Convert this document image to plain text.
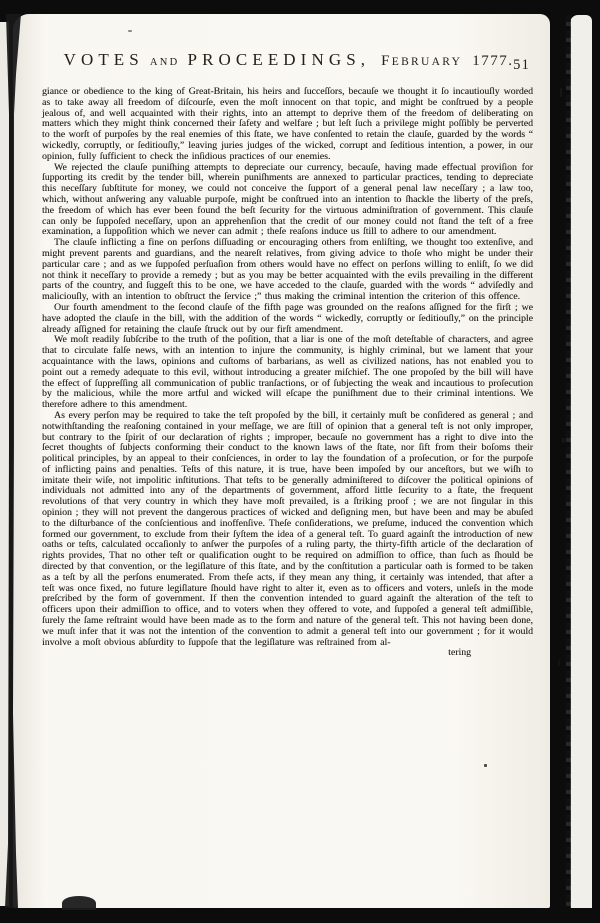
VOTES AND PROCEEDINGS, FEBRUARY 1777. 51

giance or obedience to the king of Great-Britain, his heirs and ſucceſſors, becauſe we thought it ſo incautiouſly worded as to take away all freedom of diſcourſe, even the moſt innocent on that topic, and might be conſtrued by a people jealous of, and well acquainted with their rights, into an attempt to deprive them of the freedom of deliberating on matters which they might think concerned their ſafety and welfare ; but leſt ſuch a privilege might poſſibly be perverted to the worſt of purpoſes by the real enemies of this ſtate, we have conſented to retain the clauſe, guarded by the words “ wickedly, corruptly, or ſeditiouſly,” leaving juries judges of the wicked, corrupt and ſeditious intention, a power, in our opinion, fully ſufficient to check the inſidious practices of our enemies.

We rejected the clauſe puniſhing attempts to depreciate our currency, becauſe, having made effectual proviſion for ſupporting its credit by the tender bill, wherein puniſhments are annexed to particular practices, tending to depreciate this neceſſary ſubſtitute for money, we could not conceive the ſupport of a general penal law neceſſary ; a law too, which, without anſwering any valuable purpoſe, might be conſtrued into an intention to ſhackle the liberty of the preſs, the freedom of which has ever been found the beſt ſecurity for the virtuous adminiſtration of government. This clauſe can only be ſuppoſed neceſſary, upon an apprehenſion that the credit of our money could not ſtand the teſt of a free examination, a ſuppoſition which we never can admit ; theſe reaſons induce us ſtill to adhere to our amendment.

The clauſe inflicting a fine on perſons diſſuading or encouraging others from enliſting, we thought too extenſive, and might prevent parents and guardians, and the neareſt relatives, from giving advice to thoſe who might be under their particular care ; and as we ſuppoſed perſuaſion from others would have no effect on perſons willing to enliſt, ſo we did not think it neceſſary to provide a remedy ; but as you may be better acquainted with the evils prevailing in the different parts of the country, and ſuggeſt this to be one, we have acceded to the clauſe, guarded with the words “ adviſedly and maliciouſly, with an intention to obſtruct the ſervice ;” thus making the criminal intention the criterion of this offence.

Our fourth amendment to the ſecond clauſe of the fifth page was grounded on the reaſons aſſigned for the firſt ; we have adopted the clauſe in the bill, with the addition of the words “ wickedly, corruptly or ſeditiouſly,” on the principle already aſſigned for retaining the clauſe ſtruck out by our firſt amendment.

We moſt readily ſubſcribe to the truth of the poſition, that a liar is one of the moſt deteſtable of characters, and agree that to circulate falſe news, with an intention to injure the community, is highly criminal, but we lament that your acquaintance with the laws, opinions and cuſtoms of barbarians, as well as civilized nations, has not enabled you to point out a remedy adequate to this evil, without introducing a greater miſchief. The one propoſed by the bill will have the effect of ſuppreſſing all communication of public tranſactions, or of ſubjecting the weak and incautious to proſecution by the malicious, while the more artful and wicked will eſcape the puniſhment due to their criminal intentions. We therefore adhere to this amendment.

As every perſon may be required to take the teſt propoſed by the bill, it certainly muſt be conſidered as general ; and notwithſtanding the reaſoning contained in your meſſage, we are ſtill of opinion that a general teſt is not only improper, but contrary to the ſpirit of our declaration of rights ; improper, becauſe no government has a right to dive into the ſecret thoughts of ſubjects conforming their conduct to the known laws of the ſtate, nor ſift from their boſoms their political principles, by an appeal to their conſciences, in order to lay the foundation of a proſecution, or for the purpoſe of inflicting pains and penalties. Teſts of this nature, it is true, have been impoſed by our anceſtors, but we wiſh to imitate their wiſe, not impolitic inſtitutions. That teſts to be generally adminiſtered to diſcover the political opinions of individuals not admitted into any of the departments of government, afford little ſecurity to a ſtate, the frequent revolutions of that very country in which they have moſt prevailed, is a ſtriking proof ; we are not ſingular in this opinion ; they will not prevent the dangerous practices of wicked and deſigning men, but have been and may be abuſed to the diſturbance of the conſcientious and inoffenſive. Theſe conſiderations, we preſume, induced the convention which formed our government, to exclude from their ſyſtem the idea of a general teſt. To guard againſt the introduction of new oaths or teſts, calculated occaſionly to anſwer the purpoſes of a ruling party, the thirty-fifth article of the declaration of rights provides, That no other teſt or qualification ought to be required on admiſſion to office, than ſuch as ſhould be directed by that convention, or the legiſlature of this ſtate, and by the conſtitution a particular oath is formed to be taken as a teſt by all the perſons enumerated. From theſe acts, if they mean any thing, it certainly was intended, that after a teſt was once fixed, no future legiſlature ſhould have right to alter it, even as to officers and voters, unleſs in the mode preſcribed by the form of government. If then the convention intended to guard againſt the alteration of the teſt to officers upon their admiſſion to office, and to voters when they offered to vote, and ſuppoſed a general teſt admiſſible, ſurely the ſame reſtraint would have been made as to the form and nature of the general teſt. This not having been done, we muſt infer that it was not the intention of the convention to admit a general teſt into our government ; for it would involve a moſt obvious abſurdity to ſuppoſe that the legiſlature was reſtrained from al-

tering
